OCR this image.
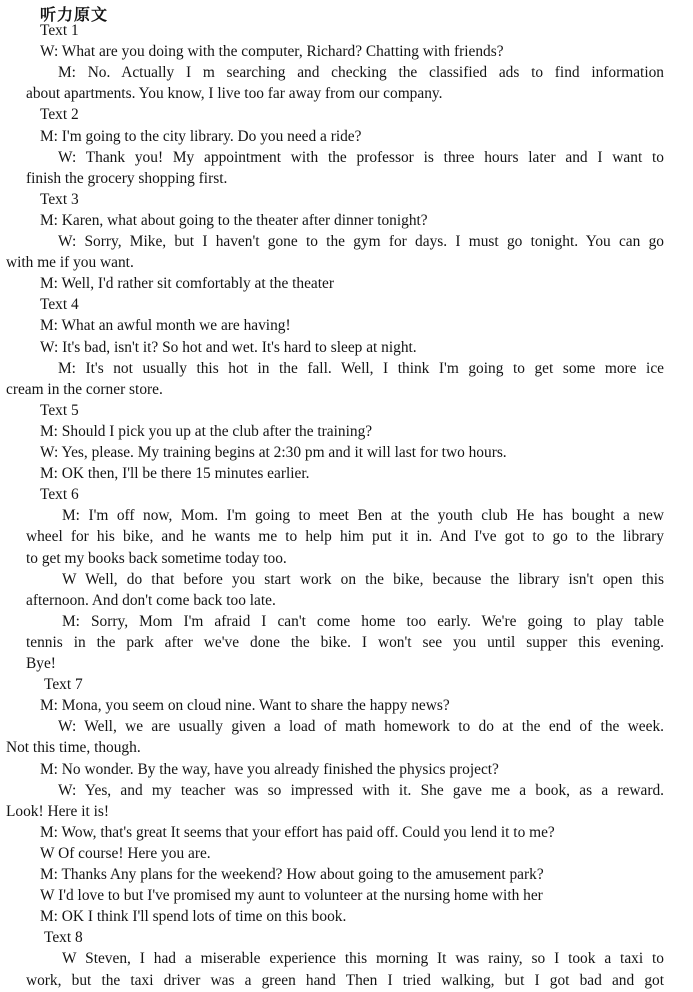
听力原文
Text 1
W: What are you doing with the computer, Richard? Chatting with friends?
M: No. Actually I m searching and checking the classified ads to find information
about apartments. You know, I live too far away from our company.
Text 2
M: I'm going to the city library. Do you need a ride?
W: Thank you! My appointment with the professor is three hours later and I want to
finish the grocery shopping first.
Text 3
M: Karen, what about going to the theater after dinner tonight?
W: Sorry, Mike, but I haven't gone to the gym for days. I must go tonight. You can go
with me if you want.
M: Well, I'd rather sit comfortably at the theater
Text 4
M: What an awful month we are having!
W: It's bad, isn't it? So hot and wet. It's hard to sleep at night.
M: It's not usually this hot in the fall. Well, I think I'm going to get some more ice
cream in the corner store.
Text 5
M: Should I pick you up at the club after the training?
W: Yes, please. My training begins at 2:30 pm and it will last for two hours.
M: OK then, I'll be there 15 minutes earlier.
Text 6
M: I'm off now, Mom. I'm going to meet Ben at the youth club He has bought a new
wheel for his bike, and he wants me to help him put it in. And I've got to go to the library
to get my books back sometime today too.
W Well, do that before you start work on the bike, because the library isn't open this
afternoon. And don't come back too late.
M: Sorry, Mom I'm afraid I can't come home too early. We're going to play table
tennis in the park after we've done the bike. I won't see you until supper this evening.
Bye!
Text 7
M: Mona, you seem on cloud nine. Want to share the happy news?
W: Well, we are usually given a load of math homework to do at the end of the week.
Not this time, though.
M: No wonder. By the way, have you already finished the physics project?
W: Yes, and my teacher was so impressed with it. She gave me a book, as a reward.
Look! Here it is!
M: Wow, that's great It seems that your effort has paid off. Could you lend it to me?
W Of course! Here you are.
M: Thanks Any plans for the weekend? How about going to the amusement park?
W I'd love to but I've promised my aunt to volunteer at the nursing home with her
M: OK I think I'll spend lots of time on this book.
Text 8
W Steven, I had a miserable experience this morning It was rainy, so I took a taxi to
work, but the taxi driver was a green hand Then I tried walking, but I got bad and got
